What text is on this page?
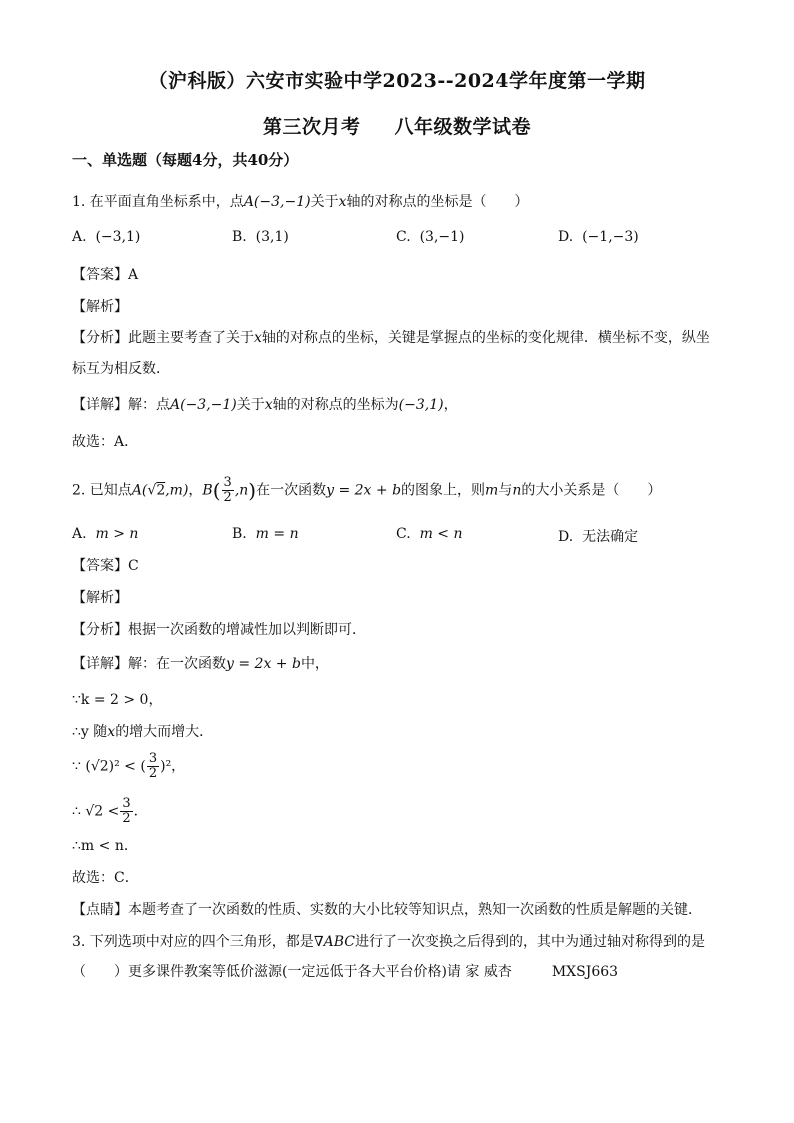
（沪科版）六安市实验中学2023--2024学年度第一学期
第三次月考 八年级数学试卷
一、单选题（每题4分，共40分）
1. 在平面直角坐标系中，点A(−3,−1)关于x轴的对称点的坐标是（　　）
A. (−3,1)	B. (3,1)	C. (3,−1)	D. (−1,−3)
【答案】A
【解析】
【分析】此题主要考查了关于x轴的对称点的坐标，关键是掌握点的坐标的变化规律．横坐标不变，纵坐
标互为相反数．
【详解】解：点A(−3,−1)关于x轴的对称点的坐标为(−3,1)，
故选：A．
2. 已知点A(√2,m)，$B( \frac{3}{2} ,n)$在一次函数y = 2x + b的图象上，则m与n的大小关系是（　　）
A. m > n	B. m = n	C. m < n	D. 无法确定
【答案】C
【解析】
【分析】根据一次函数的增减性加以判断即可．
【详解】解：在一次函数y = 2x + b中，
∵k = 2 > 0，
∴y 随x的增大而增大．
∵ (√2)² < ( $\frac{3}{2} )^2$，
∴ $√2 < \frac{3}{2}$ ．
∴m < n．
故选：C．
【点睛】本题考查了一次函数的性质、实数的大小比较等知识点，熟知一次函数的性质是解题的关键．
3. 下列选项中对应的四个三角形，都是∇ABC进行了一次变换之后得到的，其中为通过轴对称得到的是
（　　）更多课件教案等低价滋源(一定远低于各大平台价格)请 家 威杏	MXSJ663
